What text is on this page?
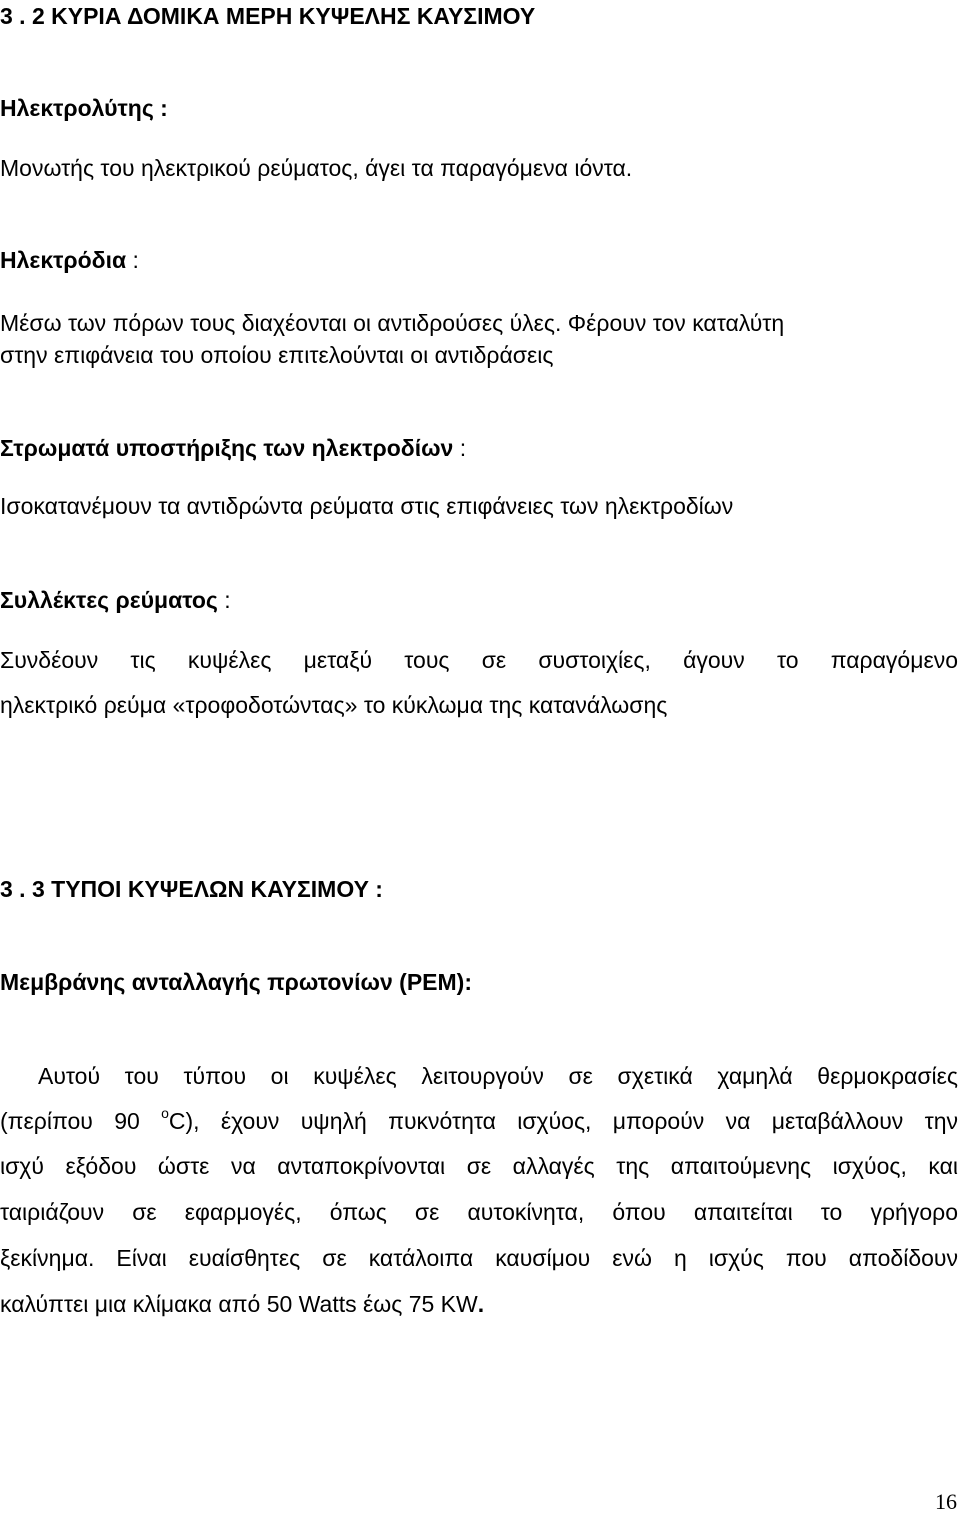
3 . 2 ΚΥΡΙΑ ΔΟΜΙΚΑ ΜΕΡΗ ΚΥΨΕΛΗΣ ΚΑΥΣΙΜΟΥ
Ηλεκτρολύτης :
Μονωτής του ηλεκτρικού ρεύματος, άγει τα παραγόμενα ιόντα.
Ηλεκτρόδια :
Μέσω των πόρων τους διαχέονται οι αντιδρούσες ύλες. Φέρουν τον καταλύτη
στην επιφάνεια του οποίου επιτελούνται οι αντιδράσεις
Στρωματά υποστήριξης των ηλεκτροδίων :
Ισοκατανέμουν τα αντιδρώντα ρεύματα στις επιφάνειες των ηλεκτροδίων
Συλλέκτες ρεύματος :
Συνδέουν τις κυψέλες μεταξύ τους σε συστοιχίες, άγουν το παραγόμενο
ηλεκτρικό ρεύμα «τροφοδοτώντας» το κύκλωμα της κατανάλωσης
3 . 3 ΤΥΠΟΙ ΚΥΨΕΛΩΝ ΚΑΥΣΙΜΟΥ :
Μεμβράνης ανταλλαγής πρωτονίων (PEM):
Αυτού του τύπου οι κυψέλες λειτουργούν σε σχετικά χαμηλά θερμοκρασίες
(περίπου 90 $^o$C), έχουν υψηλή πυκνότητα ισχύος, μπορούν να μεταβάλλουν την
ισχύ εξόδου ώστε να ανταποκρίνονται σε αλλαγές της απαιτούμενης ισχύος, και
ταιριάζουν σε εφαρμογές, όπως σε αυτοκίνητα, όπου απαιτείται το γρήγορο
ξεκίνημα. Είναι ευαίσθητες σε κατάλοιπα καυσίμου ενώ η ισχύς που αποδίδουν
καλύπτει μια κλίμακα από 50 Watts έως 75 KW.
16
